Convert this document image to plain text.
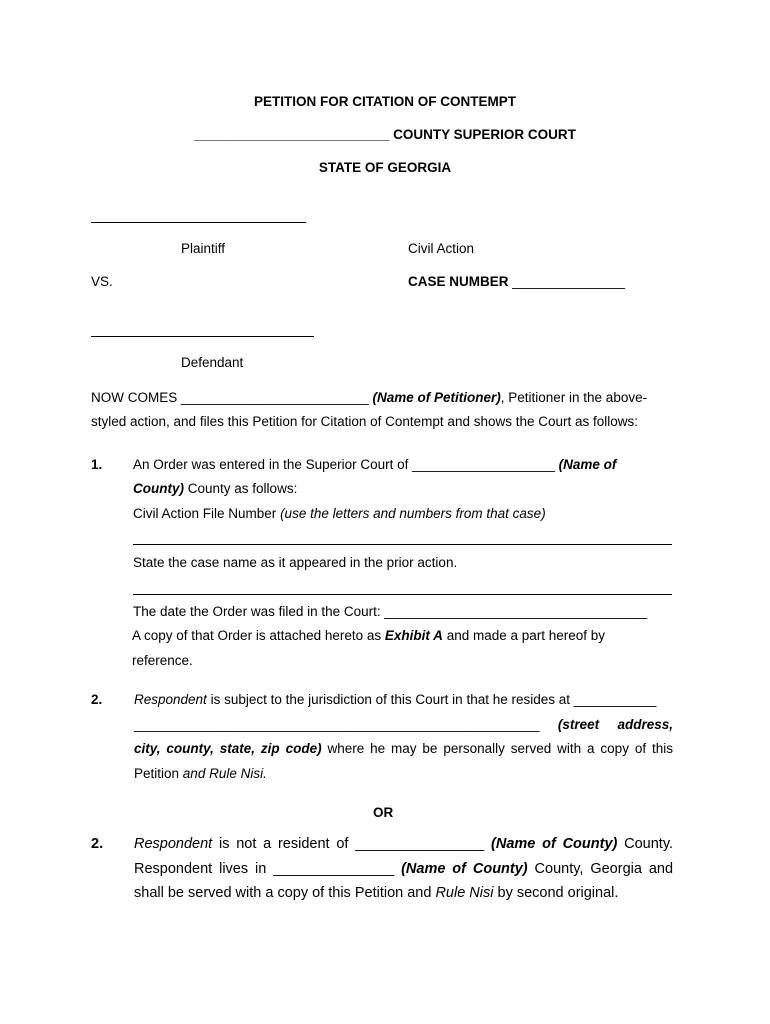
PETITION FOR CITATION OF CONTEMPT
__________________________ COUNTY SUPERIOR COURT
STATE OF GEORGIA
Plaintiff	Civil Action
VS.	CASE NUMBER _______________
Defendant
NOW COMES _________________________ (Name of Petitioner), Petitioner in the above-
styled action, and files this Petition for Citation of Contempt and shows the Court as follows:
1. An Order was entered in the Superior Court of ___________________ (Name of
County) County as follows:
Civil Action File Number (use the letters and numbers from that case)
State the case name as it appeared in the prior action.
The date the Order was filed in the Court: ___________________________________
A copy of that Order is attached hereto as Exhibit A and made a part hereof by
reference.
2. Respondent is subject to the jurisdiction of this Court in that he resides at ___________
______________________________________________________ (street address,
city, county, state, zip code) where he may be personally served with a copy of this
Petition and Rule Nisi.
OR
2. Respondent is not a resident of ________________ (Name of County) County.
Respondent lives in _______________ (Name of County) County, Georgia and
shall be served with a copy of this Petition and Rule Nisi by second original.
